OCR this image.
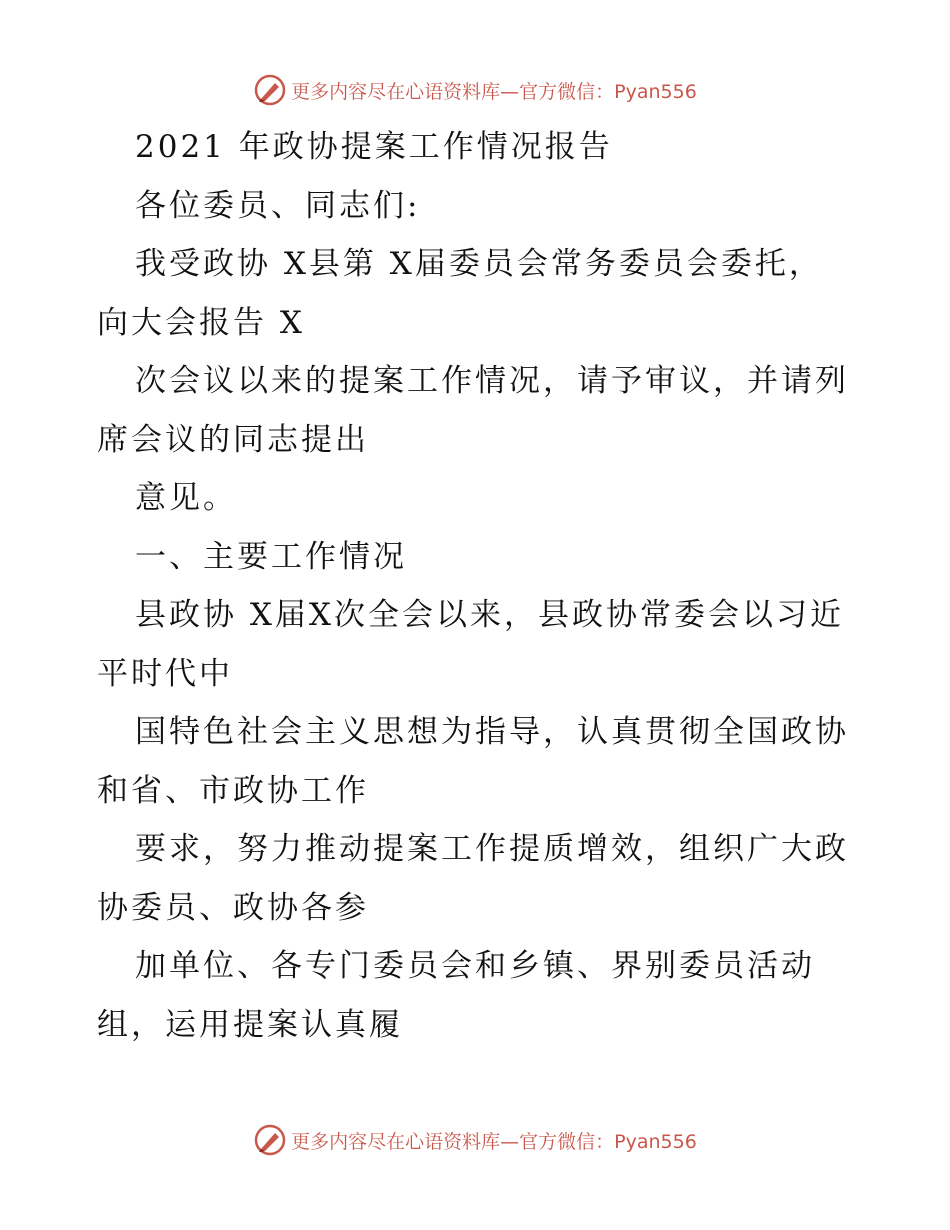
更多内容尽在心语资料库—官方微信：Pyan556
2021 年政协提案工作情况报告
各位委员、同志们:
我受政协 X县第 X届委员会常务委员会委托，
向大会报告 X
次会议以来的提案工作情况，请予审议，并请列
席会议的同志提出
意见。
一、主要工作情况
县政协 X届X次全会以来，县政协常委会以习近
平时代中
国特色社会主义思想为指导，认真贯彻全国政协
和省、市政协工作
要求，努力推动提案工作提质增效，组织广大政
协委员、政协各参
加单位、各专门委员会和乡镇、界别委员活动
组，运用提案认真履
更多内容尽在心语资料库—官方微信：Pyan556
